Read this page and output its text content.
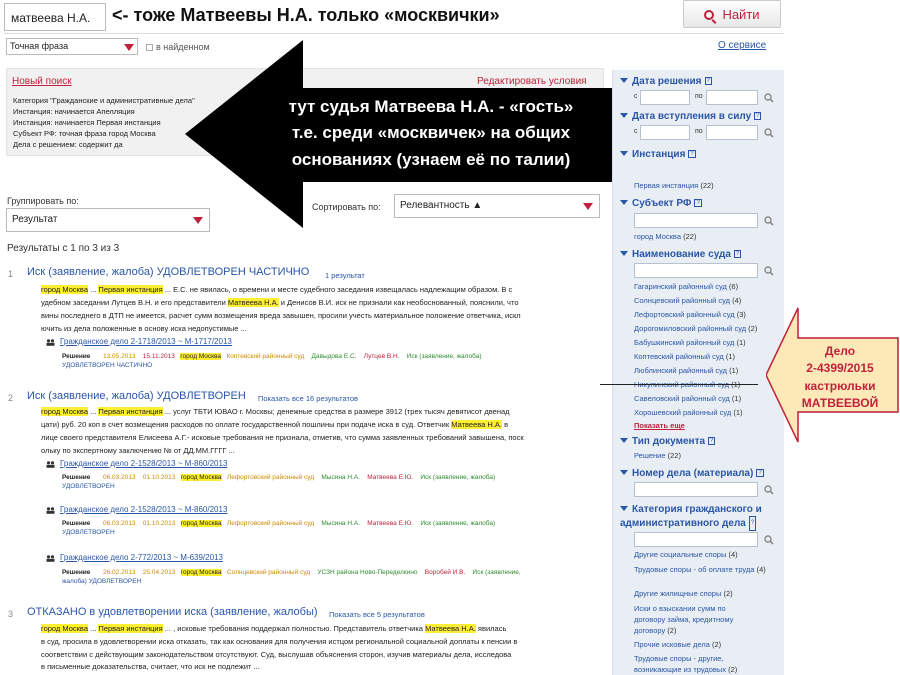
матвеева Н.А.	<- тоже Матвеевы Н.А. только «москвички»	Найти
Точная фраза	в найденном	О сервисе
Новый поиск	Редактировать условия
Категория "Гражданские и административные дела"
Инстанция: начинается Апелляция
Инстанция: начинается Первая инстанция
Субъект РФ: точная фраза город Москва
Дела с решением: содержит да
тут судья Матвеева Н.А. - «гость»
т.е. среди «москвичек» на общих
основаниях (узнаем её по талии)
Группировать по:
Результат
Сортировать по:	Релевантность ▲
Результаты с 1 по 3 из 3
1 Иск (заявление, жалоба) УДОВЛЕТВОРЕН ЧАСТИЧНО 1 результат
город Москва ... Первая инстанция ... Е.С. не явилась, о времени и месте судебного заседания извещалась надлежащим образом. В с
удебном заседании Лутцев В.Н. и его представители Матвеева Н.А. и Денисов В.И. иск не признали как необоснованный, пояснили, что
вины последнего в ДТП не имеется, расчет сумм возмещения вреда завышен, просили учесть материальное положение ответчика, искл
ючить из дела положенные в основу иска недопустимые ...
Гражданское дело 2-1718/2013 ~ М-1717/2013
Решение 13.05.2013 15.11.2013 город Москва Коптевский районный суд Давыдова Е.С. Лутцев В.Н. Иск (заявление, жалоба)
УДОВЛЕТВОРЕН ЧАСТИЧНО
2 Иск (заявление, жалоба) УДОВЛЕТВОРЕН Показать все 16 результатов
город Москва ... Первая инстанция ... услуг ТБТИ ЮВАО г. Москвы; денежные средства в размере 3912 (трех тысяч девятисот двенад
цати) руб. 20 коп в счет возмещения расходов по оплате государственной пошлины при подаче иска в суд. Ответчик Матвеева Н.А. в
лице своего представителя Елисеева А.Г.- исковые требования не признала, отметив, что сумма заявленных требований завышена, поск
ольку по экспертному заключению № от ДД.ММ.ГГГГ ...
Гражданское дело 2-1528/2013 ~ М-860/2013
Решение 06.03.2013 01.10.2013 город Москва Лефортовский районный суд Мысина Н.А. Матвеева Е.Ю. Иск (заявление, жалоба)
УДОВЛЕТВОРЕН
Гражданское дело 2-1528/2013 ~ М-860/2013
Решение 06.03.2013 01.10.2013 город Москва Лефортовский районный суд Мысина Н.А. Матвеева Е.Ю. Иск (заявление, жалоба)
УДОВЛЕТВОРЕН
Гражданское дело 2-772/2013 ~ М-639/2013
Решение 26.02.2013 25.04.2013 город Москва Солнцевский районный суд УСЗН района Ново-Переделкино Воробей И.В. Иск (заявление,
жалоба) УДОВЛЕТВОРЕН
3 ОТКАЗАНО в удовлетворении иска (заявление, жалобы) Показать все 5 результатов
город Москва ... Первая инстанция ... , исковые требования поддержал полностью. Представитель ответчика Матвеева Н.А. явилась
в суд, просила в удовлетворении иска отказать, так как основания для получения истцом региональной социальной доплаты к пенсии в
соответствии с действующим законодательством отсутствуют. Суд, выслушав объяснения сторон, изучив материалы дела, исследова
в письменные доказательства, считает, что иск не подлежит ...
Дата решения ?
с	по
Дата вступления в силу ?
с	по
Инстанция ?
Первая инстанция (22)
Субъект РФ ?
город Москва (22)
Наименование суда ?
Гагаринский районный суд (6)
Солнцевский районный суд (4)
Лефортовский районный суд (3)
Дорогомиловский районный суд (2)
Бабушкинский районный суд (1)
Коптевский районный суд (1)
Люблинский районный суд (1)
Савеловский районный суд (1)
Хорошевский районный суд (1)
Показать еще
Тип документа ?
Решение (22)
Номер дела (материала) ?
Категория гражданского и административного дела ?
Другие социальные споры (4)
Трудовые споры - об оплате труда (4)
Другие жилищные споры (2)
Иски о взыскании сумм по договору займа, кредитному договору (2)
Прочие исковые дела (2)
Трудовые споры - другие, возникающие из трудовых (2)
Дело
2-4399/2015
кастрюльки
МАТВЕЕВОЙ
